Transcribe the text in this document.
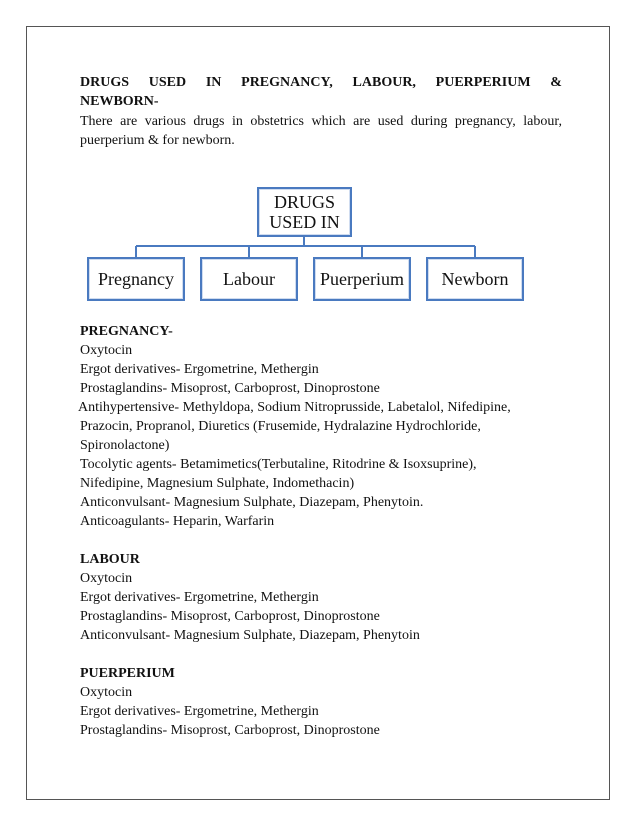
DRUGS USED IN PREGNANCY, LABOUR, PUERPERIUM &
NEWBORN-
There are various drugs in obstetrics which are used during pregnancy, labour,
puerperium & for newborn.
DRUGS
USED IN
Pregnancy	Labour	Puerperium	Newborn
PREGNANCY-
Oxytocin
Ergot derivatives- Ergometrine, Methergin
Prostaglandins- Misoprost, Carboprost, Dinoprostone
Antihypertensive- Methyldopa, Sodium Nitroprusside, Labetalol, Nifedipine,
Prazocin, Propranol, Diuretics (Frusemide, Hydralazine Hydrochloride,
Spironolactone)
Tocolytic agents- Betamimetics(Terbutaline, Ritodrine & Isoxsuprine),
Nifedipine, Magnesium Sulphate, Indomethacin)
Anticonvulsant- Magnesium Sulphate, Diazepam, Phenytoin.
Anticoagulants- Heparin, Warfarin
LABOUR
Oxytocin
Ergot derivatives- Ergometrine, Methergin
Prostaglandins- Misoprost, Carboprost, Dinoprostone
Anticonvulsant- Magnesium Sulphate, Diazepam, Phenytoin
PUERPERIUM
Oxytocin
Ergot derivatives- Ergometrine, Methergin
Prostaglandins- Misoprost, Carboprost, Dinoprostone
